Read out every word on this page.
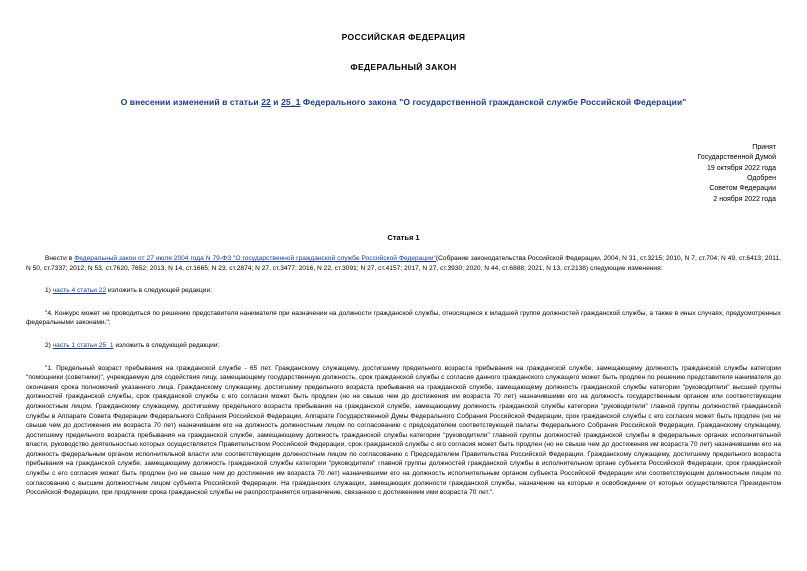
РОССИЙСКАЯ ФЕДЕРАЦИЯ
ФЕДЕРАЛЬНЫЙ ЗАКОН
О внесении изменений в статьи 22 и 25_1 Федерального закона "О государственной гражданской службе Российской Федерации"
Принят
Государственной Думой
19 октября 2022 года
Одобрен
Советом Федерации
2 ноября 2022 года
Статья 1
Внести в Федеральный закон от 27 июля 2004 года N 79-ФЗ "О государственной гражданской службе Российской Федерации"(Собрание законодательства Российской Федерации, 2004, N 31, ст.3215; 2010, N 7, ст.704; N 49, ст.6413; 2011, N 50, ст.7337; 2012, N 53, ст.7620, 7652; 2013, N 14, ст.1665; N 23, ст.2874; N 27, ст.3477; 2016, N 22, ст.3091; N 27, ст.4157; 2017, N 27, ст.3930; 2020, N 44, ст.6888; 2021, N 13, ст.2138) следующие изменения:
1) часть 4 статьи 22 изложить в следующей редакции:
"4. Конкурс может не проводиться по решению представителя нанимателя при назначении на должности гражданской службы, относящиеся к младшей группе должностей гражданской службы, а также в иных случаях, предусмотренных федеральными законами.";
2) часть 1 статьи 25_1 изложить в следующей редакции:
"1. Предельный возраст пребывания на гражданской службе - 65 лет. Гражданскому служащему, достигшему предельного возраста пребывания на гражданской службе, замещающему должность гражданской службы категории "помощники (советники)", учреждаемую для содействия лицу, замещающему государственную должность, срок гражданской службы с согласия данного гражданского служащего может быть продлен по решению представителя нанимателя до окончания срока полномочий указанного лица. Гражданскому служащему, достигшему предельного возраста пребывания на гражданской службе, замещающему должность гражданской службы категории "руководители" высшей группы должностей гражданской службы, срок гражданской службы с его согласия может быть продлен (но не свыше чем до достижения им возраста 70 лет) назначившими его на должность государственным органом или соответствующим должностным лицом. Гражданскому служащему, достигшему предельного возраста пребывания на гражданской службе, замещающему должность гражданской службы категории "руководители" главной группы должностей гражданской службы в Аппарате Совета Федерации Федерального Собрания Российской Федерации, Аппарате Государственной Думы Федерального Собрания Российской Федерации, срок гражданской службы с его согласия может быть продлен (но не свыше чем до достижения им возраста 70 лет) назначившим его на должность должностным лицом по согласованию с председателем соответствующей палаты Федерального Собрания Российской Федерации. Гражданскому служащему, достигшему предельного возраста пребывания на гражданской службе, замещающему должность гражданской службы категории "руководители" главной группы должностей гражданской службы в федеральных органах исполнительной власти, руководство деятельностью которых осуществляется Правительством Российской Федерации, срок гражданской службы с его согласия может быть продлен (но не свыше чем до достижения им возраста 70 лет) назначившими его на должность федеральным органом исполнительной власти или соответствующим должностным лицом по согласованию с Председателем Правительства Российской Федерации. Гражданскому служащему, достигшему предельного возраста пребывания на гражданской службе, замещающему должность гражданской службы категории "руководители" главной группы должностей гражданской службы в исполнительном органе субъекта Российской Федерации, срок гражданской службы с его согласия может быть продлен (но не свыше чем до достижения им возраста 70 лет) назначившими его на должность исполнительным органом субъекта Российской Федерации или соответствующим должностным лицом по согласованию с высшим должностным лицом субъекта Российской Федерации. На гражданских служащих, замещающих должности гражданской службы, назначение на которые и освобождение от которых осуществляются Президентом Российской Федерации, при продлении срока гражданской службы не распространяется ограничение, связанное с достижением ими возраста 70 лет.".
